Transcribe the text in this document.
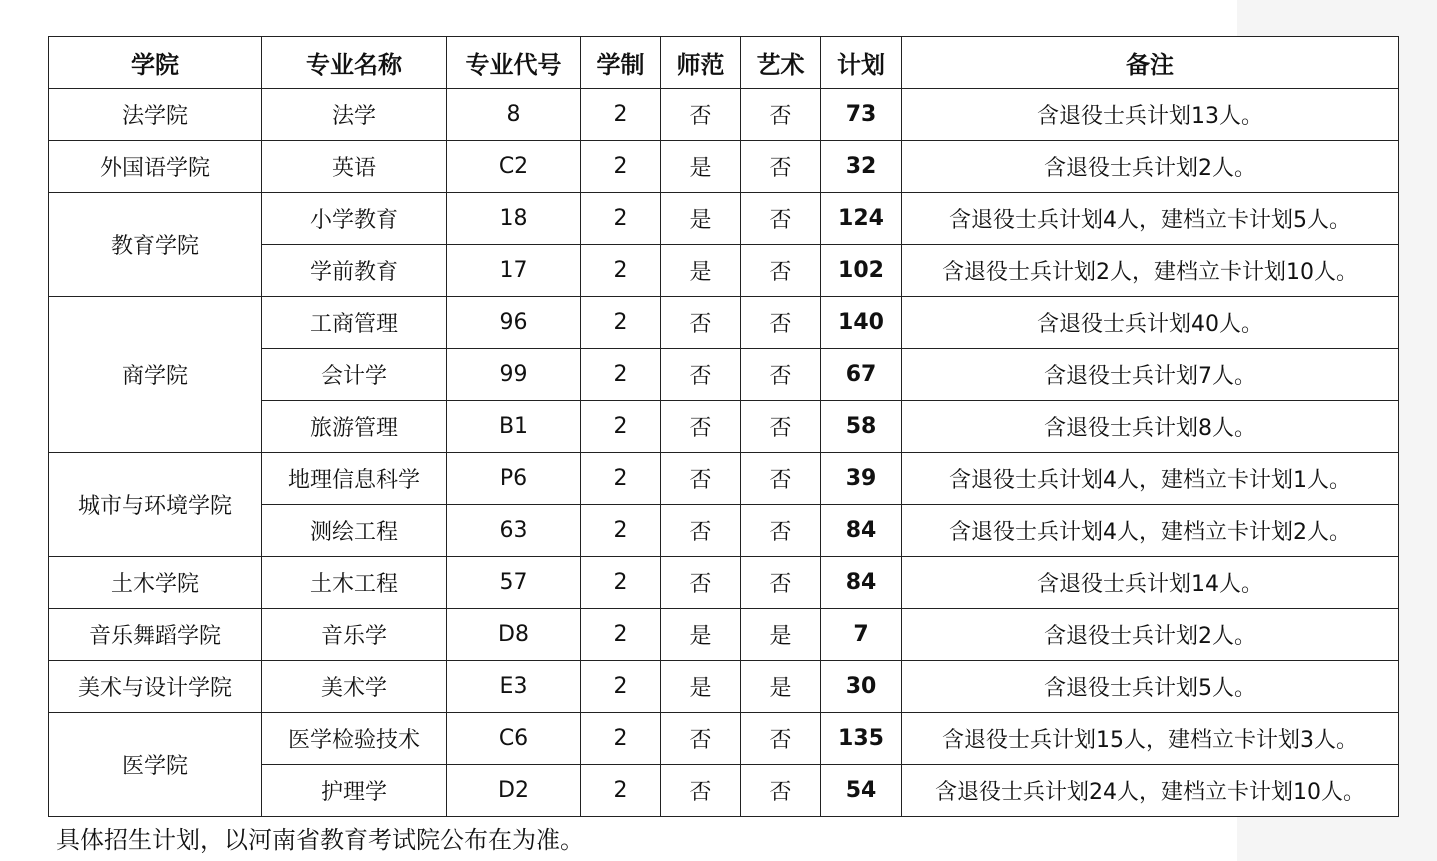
学院	专业名称	专业代号	学制	师范	艺术	计划	备注
法学院	法学	8	2	否	否	73	含退役士兵计划13人。
外国语学院	英语	C2	2	是	否	32	含退役士兵计划2人。
教育学院	小学教育	18	2	是	否	124	含退役士兵计划4人，建档立卡计划5人。
	学前教育	17	2	是	否	102	含退役士兵计划2人，建档立卡计划10人。
商学院	工商管理	96	2	否	否	140	含退役士兵计划40人。
	会计学	99	2	否	否	67	含退役士兵计划7人。
	旅游管理	B1	2	否	否	58	含退役士兵计划8人。
城市与环境学院	地理信息科学	P6	2	否	否	39	含退役士兵计划4人，建档立卡计划1人。
	测绘工程	63	2	否	否	84	含退役士兵计划4人，建档立卡计划2人。
土木学院	土木工程	57	2	否	否	84	含退役士兵计划14人。
音乐舞蹈学院	音乐学	D8	2	是	是	7	含退役士兵计划2人。
美术与设计学院	美术学	E3	2	是	是	30	含退役士兵计划5人。
医学院	医学检验技术	C6	2	否	否	135	含退役士兵计划15人，建档立卡计划3人。
	护理学	D2	2	否	否	54	含退役士兵计划24人，建档立卡计划10人。
具体招生计划，以河南省教育考试院公布在为准。
